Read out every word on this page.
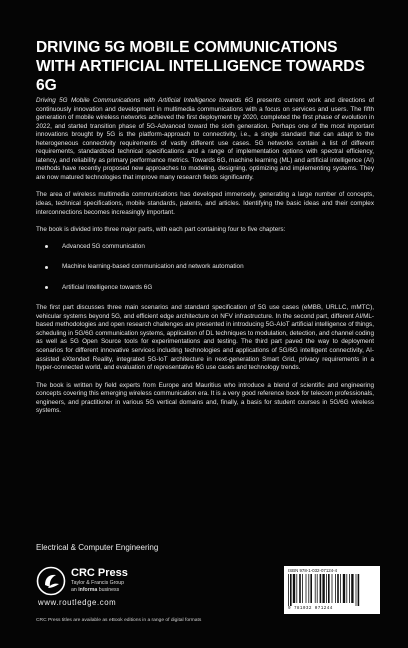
DRIVING 5G MOBILE COMMUNICATIONS WITH ARTIFICIAL INTELLIGENCE TOWARDS 6G

Driving 5G Mobile Communications with Artificial Intelligence towards 6G presents current work and directions of continuously innovation and development in multimedia communications with a focus on services and users. The fifth generation of mobile wireless networks achieved the first deployment by 2020, completed the first phase of evolution in 2022, and started transition phase of 5G-Advanced toward the sixth generation. Perhaps one of the most important innovations brought by 5G is the platform-approach to connectivity, i.e., a single standard that can adapt to the heterogeneous connectivity requirements of vastly different use cases. 5G networks contain a list of different requirements, standardized technical specifications and a range of implementation options with spectral efficiency, latency, and reliability as primary performance metrics. Towards 6G, machine learning (ML) and artificial intelligence (AI) methods have recently proposed new approaches to modeling, designing, optimizing and implementing systems. They are now matured technologies that improve many research fields significantly.

The area of wireless multimedia communications has developed immensely, generating a large number of concepts, ideas, technical specifications, mobile standards, patents, and articles. Identifying the basic ideas and their complex interconnections becomes increasingly important.

The book is divided into three major parts, with each part containing four to five chapters:

Advanced 5G communication
Machine learning-based communication and network automation
Artificial Intelligence towards 6G

The first part discusses three main scenarios and standard specification of 5G use cases (eMBB, URLLC, mMTC), vehicular systems beyond 5G, and efficient edge architecture on NFV infrastructure. In the second part, different AI/ML-based methodologies and open research challenges are presented in introducing 5G-AIoT artificial intelligence of things, scheduling in 5G/6G communication systems, application of DL techniques to modulation, detection, and channel coding as well as 5G Open Source tools for experimentations and testing. The third part paved the way to deployment scenarios for different innovative services including technologies and applications of 5G/6G intelligent connectivity, AI-assisted eXtended Reality, integrated 5G-IoT architecture in next-generation Smart Grid, privacy requirements in a hyper-connected world, and evaluation of representative 6G use cases and technology trends.

The book is written by field experts from Europe and Mauritius who introduce a blend of scientific and engineering concepts covering this emerging wireless communication era. It is a very good reference book for telecom professionals, engineers, and practitioner in various 5G vertical domains and, finally, a basis for student courses in 5G/6G wireless systems.

Electrical & Computer Engineering
CRC Press
Taylor & Francis Group
an informa business
www.routledge.com
CRC Press titles are available as eBook editions in a range of digital formats
ISBN 978-1-032-07124-4
9 781032 071244
